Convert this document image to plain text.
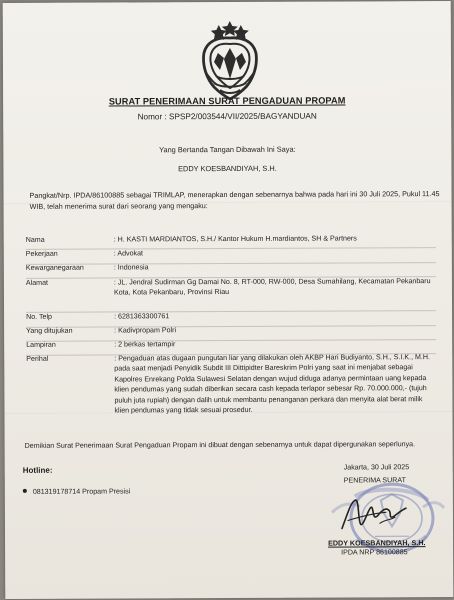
SURAT PENERIMAAN SURAT PENGADUAN PROPAM
Nomor : SPSP2/003544/VII/2025/BAGYANDUAN
Yang Bertanda Tangan Dibawah Ini Saya:
EDDY KOESBANDIYAH, S.H.
Pangkat/Nrp. IPDA/86100885 sebagai TRIMLAP, menerapkan dengan sebenarnya bahwa pada hari ini 30 Juli 2025, Pukul 11.45 WIB, telah menerima surat dari seorang yang mengaku:
Nama	: H. KASTI MARDIANTOS, S.H./ Kantor Hukum H.mardiantos, SH & Partners
Pekerjaan	: Advokat
Kewarganegaraan	: Indonesia
Alamat	: JL. Jendral Sudirman Gg Damai No. 8, RT-000, RW-000, Desa Sumahilang, Kecamatan Pekanbaru Kota, Kota Pekanbaru, Provinsi Riau
No. Telp	: 6281363300761
Yang ditujukan	: Kadivpropam Polri
Lampiran	: 2 berkas tertampir
Perihal	: Pengaduan atas dugaan pungutan liar yang dilakukan oleh AKBP Hari Budiyanto, S.H., S.I.K., M.H. pada saat menjadi Penyidik Subdit III Dittipidter Bareskrim Polri yang saat ini menjabat sebagai Kapolres Enrekang Polda Sulawesi Selatan dengan wujud diduga adanya permintaan uang kepada klien pendumas yang sudah diberikan secara cash kepada terlapor sebesar Rp. 70.000.000,- (tujuh puluh juta rupiah) dengan dalih untuk membantu penanganan perkara dan menyita alat berat milik klien pendumas yang tidak sesuai prosedur.
Demikian Surat Penerimaan Surat Pengaduan Propam ini dibuat dengan sebenarnya untuk dapat dipergunakan seperlunya.
Hotline:
081319178714 Propam Presisi
Jakarta, 30 Juli 2025
PENERIMA SURAT
EDDY KOESBANDIYAH, S.H.
IPDA NRP 86100885
